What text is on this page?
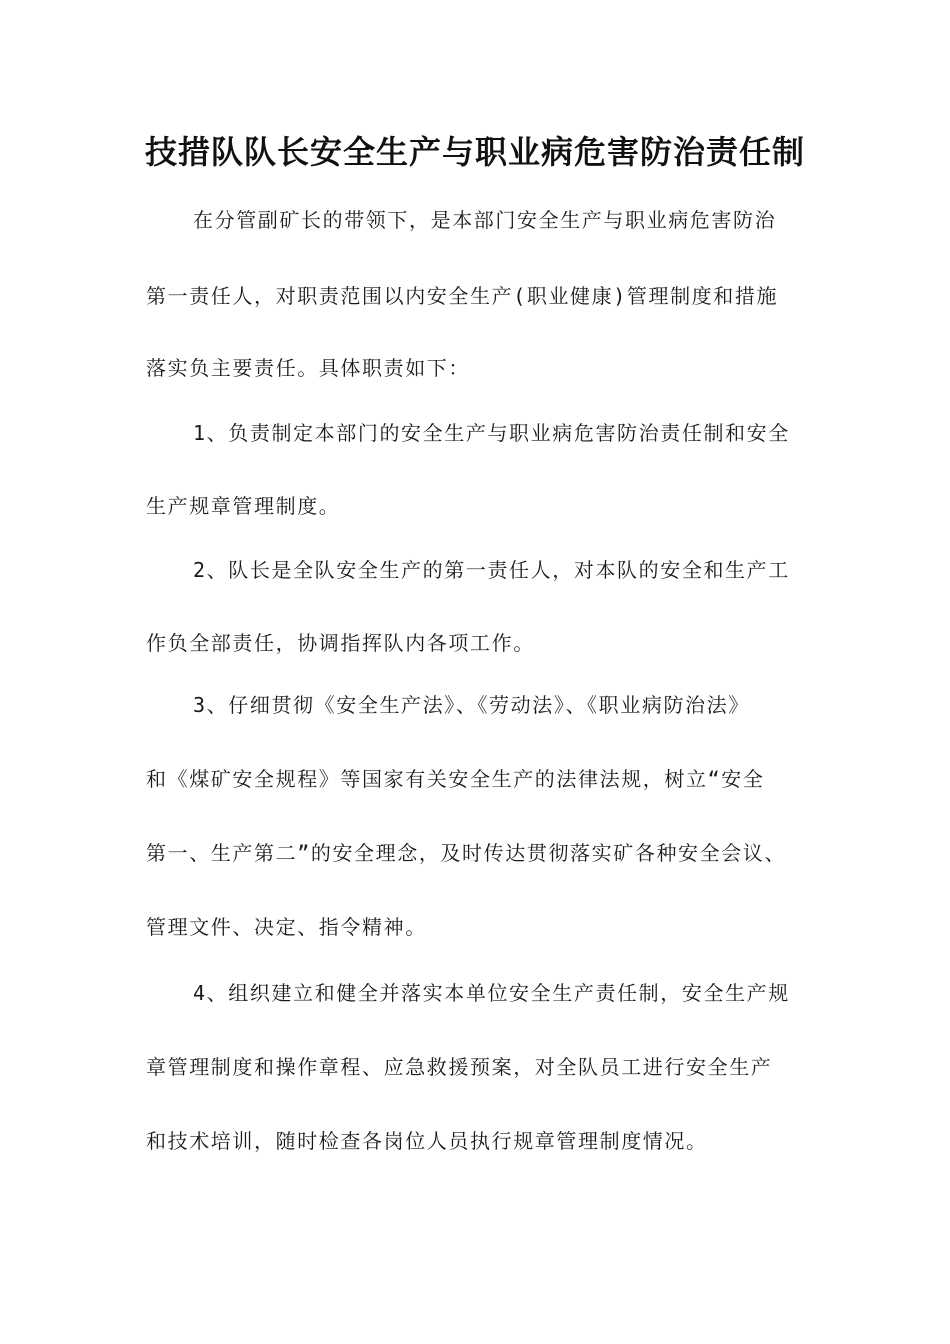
技措队队长安全生产与职业病危害防治责任制
在分管副矿长的带领下，是本部门安全生产与职业病危害防治
第一责任人，对职责范围以内安全生产(职业健康)管理制度和措施
落实负主要责任。具体职责如下：
1、负责制定本部门的安全生产与职业病危害防治责任制和安全
生产规章管理制度。
2、队长是全队安全生产的第一责任人，对本队的安全和生产工
作负全部责任，协调指挥队内各项工作。
3、仔细贯彻《安全生产法》、《劳动法》、《职业病防治法》
和《煤矿安全规程》等国家有关安全生产的法律法规，树立“安全
第一、生产第二”的安全理念，及时传达贯彻落实矿各种安全会议、
管理文件、决定、指令精神。
4、组织建立和健全并落实本单位安全生产责任制，安全生产规
章管理制度和操作章程、应急救援预案，对全队员工进行安全生产
和技术培训，随时检查各岗位人员执行规章管理制度情况。
